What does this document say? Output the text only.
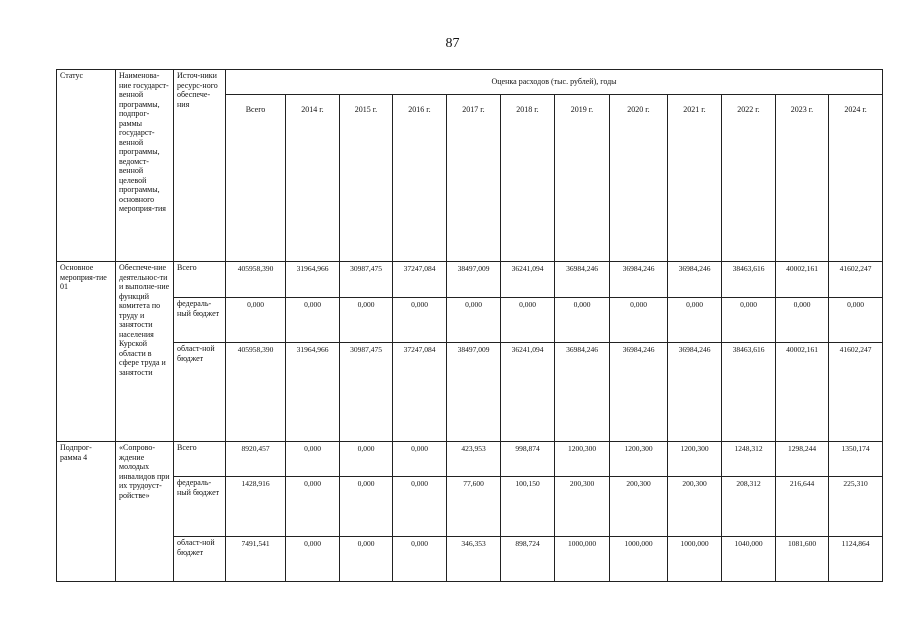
87
Статус	Наименова-ние государст-венной программы, подпрог-раммы государст-венной программы, ведомст-венной целевой программы, основного мероприя-тия	Источ-ники ресурс-ного обеспече-ния	Оценка расходов (тыс. рублей), годы											
			Всего	2014 г.	2015 г.	2016 г.	2017 г.	2018 г.	2019 г.	2020 г.	2021 г.	2022 г.	2023 г.	2024 г.
Основное мероприя-тие 01	Обеспече-ние деятельнос-ти и выполне-ние функций комитета по труду и занятости населения Курской области в сфере труда и занятости	Всего	405958,390	31964,966	30987,475	37247,084	38497,009	36241,094	36984,246	36984,246	36984,246	38463,616	40002,161	41602,247
		федераль-ный бюджет	0,000	0,000	0,000	0,000	0,000	0,000	0,000	0,000	0,000	0,000	0,000	0,000
		област-ной бюджет	405958,390	31964,966	30987,475	37247,084	38497,009	36241,094	36984,246	36984,246	36984,246	38463,616	40002,161	41602,247
Подпрог-рамма 4	«Сопрово-ждение молодых инвалидов при их трудоуст-ройстве»	Всего	8920,457	0,000	0,000	0,000	423,953	998,874	1200,300	1200,300	1200,300	1248,312	1298,244	1350,174
		федераль-ный бюджет	1428,916	0,000	0,000	0,000	77,600	100,150	200,300	200,300	200,300	208,312	216,644	225,310
		област-ной бюджет	7491,541	0,000	0,000	0,000	346,353	898,724	1000,000	1000,000	1000,000	1040,000	1081,600	1124,864
